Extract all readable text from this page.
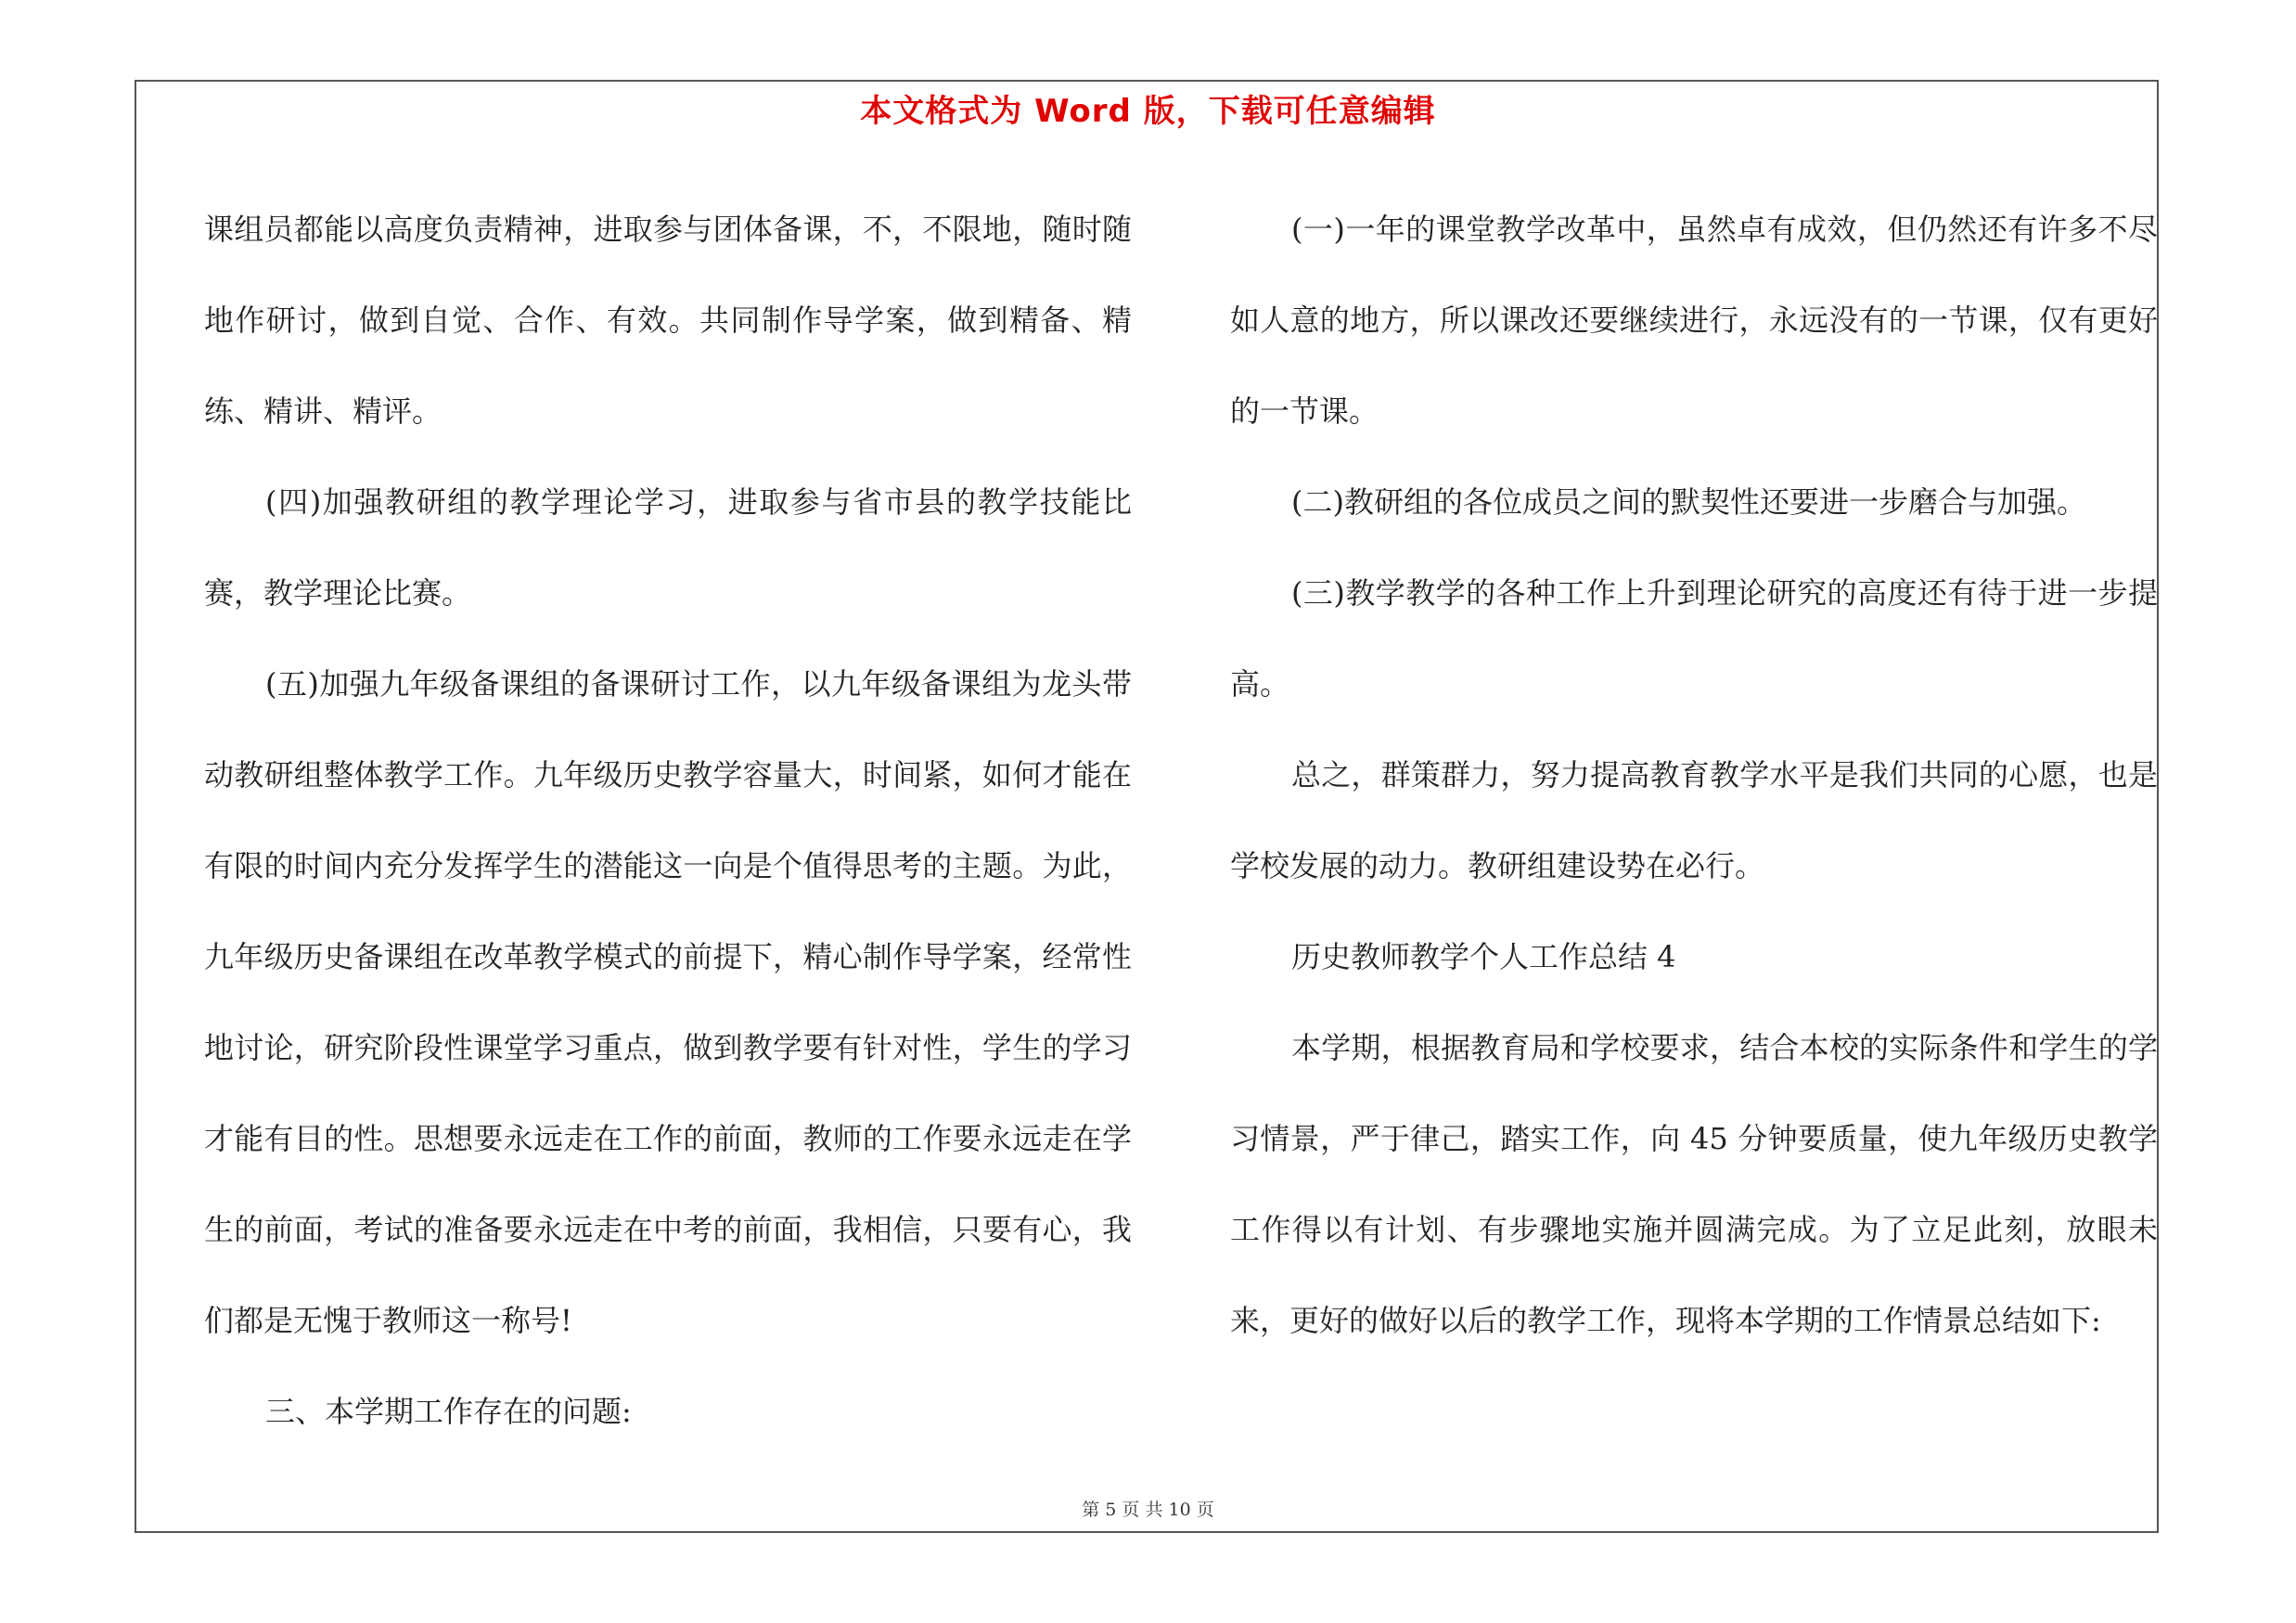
本文格式为 Word 版，下载可任意编辑

课组员都能以高度负责精神，进取参与团体备课，不，不限地，随时随地作研讨，做到自觉、合作、有效。共同制作导学案，做到精备、精练、精讲、精评。

(四)加强教研组的教学理论学习，进取参与省市县的教学技能比赛，教学理论比赛。

(五)加强九年级备课组的备课研讨工作，以九年级备课组为龙头带动教研组整体教学工作。九年级历史教学容量大，时间紧，如何才能在有限的时间内充分发挥学生的潜能这一向是个值得思考的主题。为此，九年级历史备课组在改革教学模式的前提下，精心制作导学案，经常性地讨论，研究阶段性课堂学习重点，做到教学要有针对性，学生的学习才能有目的性。思想要永远走在工作的前面，教师的工作要永远走在学生的前面，考试的准备要永远走在中考的前面，我相信，只要有心，我们都是无愧于教师这一称号!

三、本学期工作存在的问题:

(一)一年的课堂教学改革中，虽然卓有成效，但仍然还有许多不尽如人意的地方，所以课改还要继续进行，永远没有的一节课，仅有更好的一节课。

(二)教研组的各位成员之间的默契性还要进一步磨合与加强。

(三)教学教学的各种工作上升到理论研究的高度还有待于进一步提高。

总之，群策群力，努力提高教育教学水平是我们共同的心愿，也是学校发展的动力。教研组建设势在必行。

历史教师教学个人工作总结 4

本学期，根据教育局和学校要求，结合本校的实际条件和学生的学习情景，严于律己，踏实工作，向 45 分钟要质量，使九年级历史教学工作得以有计划、有步骤地实施并圆满完成。为了立足此刻，放眼未来，更好的做好以后的教学工作，现将本学期的工作情景总结如下:

第 5 页 共 10 页
